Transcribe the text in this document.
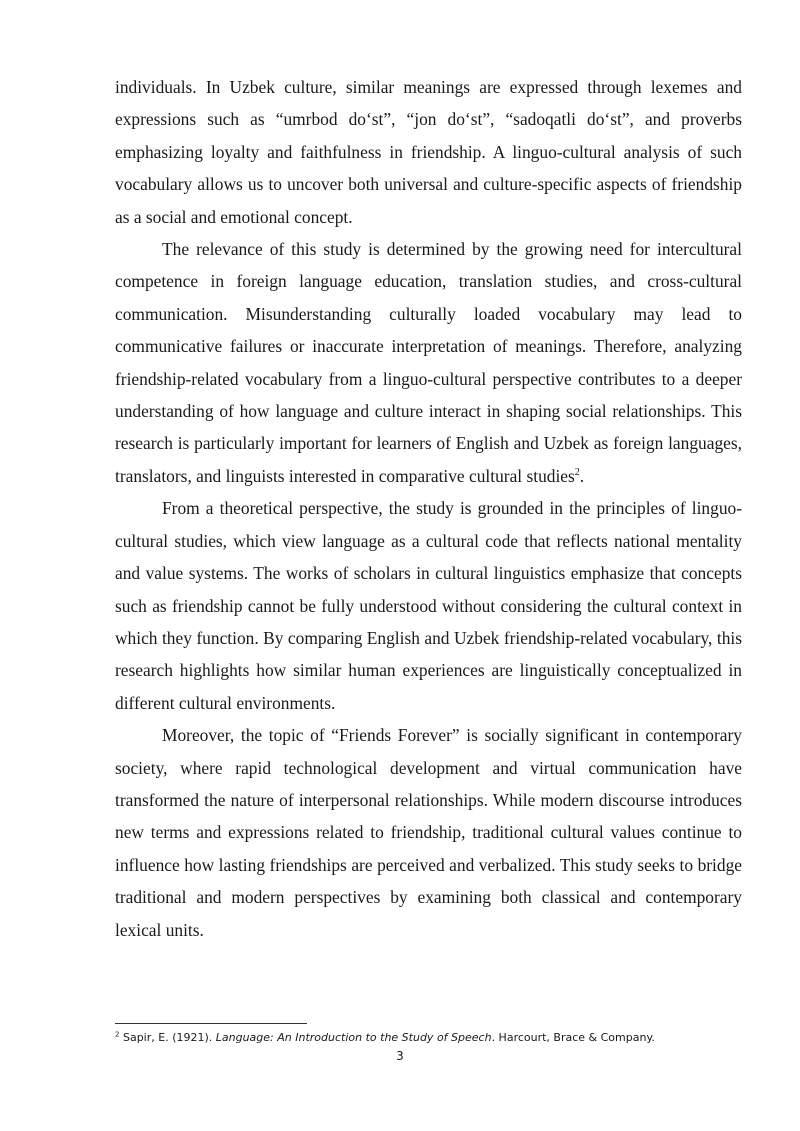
individuals. In Uzbek culture, similar meanings are expressed through lexemes and expressions such as “umrbod do‘st”, “jon do‘st”, “sadoqatli do‘st”, and proverbs emphasizing loyalty and faithfulness in friendship. A linguo-cultural analysis of such vocabulary allows us to uncover both universal and culture-specific aspects of friendship as a social and emotional concept.

The relevance of this study is determined by the growing need for intercultural competence in foreign language education, translation studies, and cross-cultural communication. Misunderstanding culturally loaded vocabulary may lead to communicative failures or inaccurate interpretation of meanings. Therefore, analyzing friendship-related vocabulary from a linguo-cultural perspective contributes to a deeper understanding of how language and culture interact in shaping social relationships. This research is particularly important for learners of English and Uzbek as foreign languages, translators, and linguists interested in comparative cultural studies$^2$.

From a theoretical perspective, the study is grounded in the principles of linguo-cultural studies, which view language as a cultural code that reflects national mentality and value systems. The works of scholars in cultural linguistics emphasize that concepts such as friendship cannot be fully understood without considering the cultural context in which they function. By comparing English and Uzbek friendship-related vocabulary, this research highlights how similar human experiences are linguistically conceptualized in different cultural environments.

Moreover, the topic of “Friends Forever” is socially significant in contemporary society, where rapid technological development and virtual communication have transformed the nature of interpersonal relationships. While modern discourse introduces new terms and expressions related to friendship, traditional cultural values continue to influence how lasting friendships are perceived and verbalized. This study seeks to bridge traditional and modern perspectives by examining both classical and contemporary lexical units.

$^2$ Sapir, E. (1921). Language: An Introduction to the Study of Speech. Harcourt, Brace & Company.
3
